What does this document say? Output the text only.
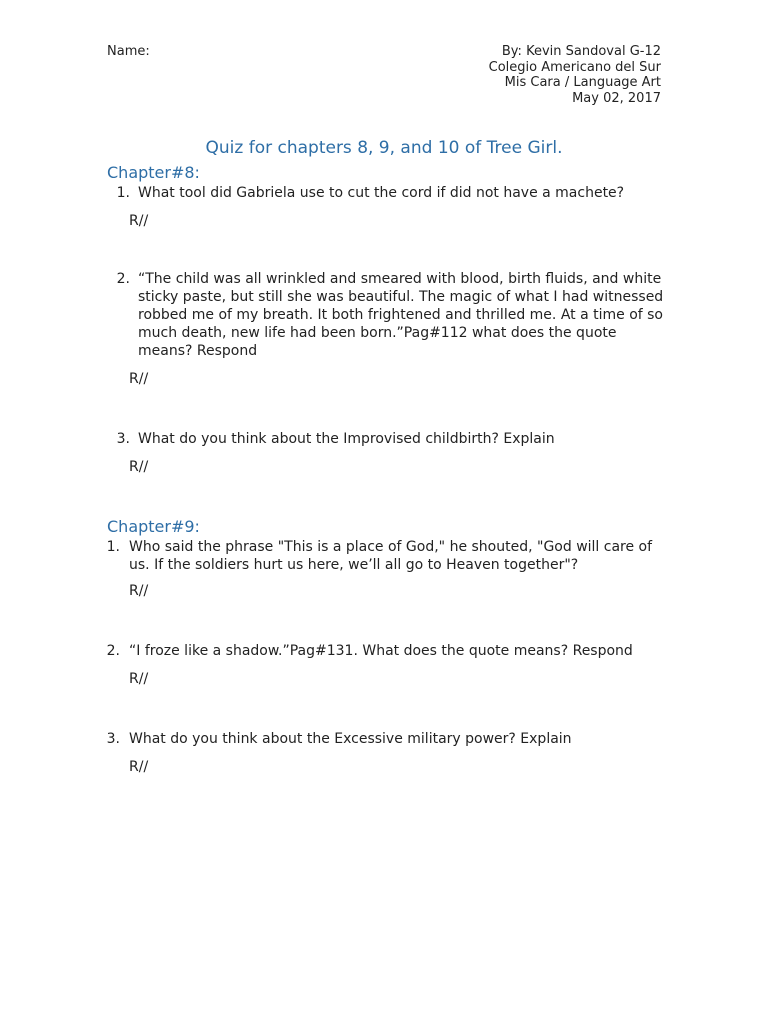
Name:	By: Kevin Sandoval G-12
Colegio Americano del Sur
Mis Cara / Language Art
May 02, 2017
Quiz for chapters 8, 9, and 10 of Tree Girl.
Chapter#8:
1. What tool did Gabriela use to cut the cord if did not have a machete?
R//
2. “The child was all wrinkled and smeared with blood, birth fluids, and white
sticky paste, but still she was beautiful. The magic of what I had witnessed
robbed me of my breath. It both frightened and thrilled me. At a time of so
much death, new life had been born.”Pag#112 what does the quote
means? Respond
R//
3. What do you think about the Improvised childbirth? Explain
R//
Chapter#9:
1. Who said the phrase "This is a place of God," he shouted, "God will care of
us. If the soldiers hurt us here, we’ll all go to Heaven together"?
R//
2. “I froze like a shadow.”Pag#131. What does the quote means? Respond
R//
3. What do you think about the Excessive military power? Explain
R//
